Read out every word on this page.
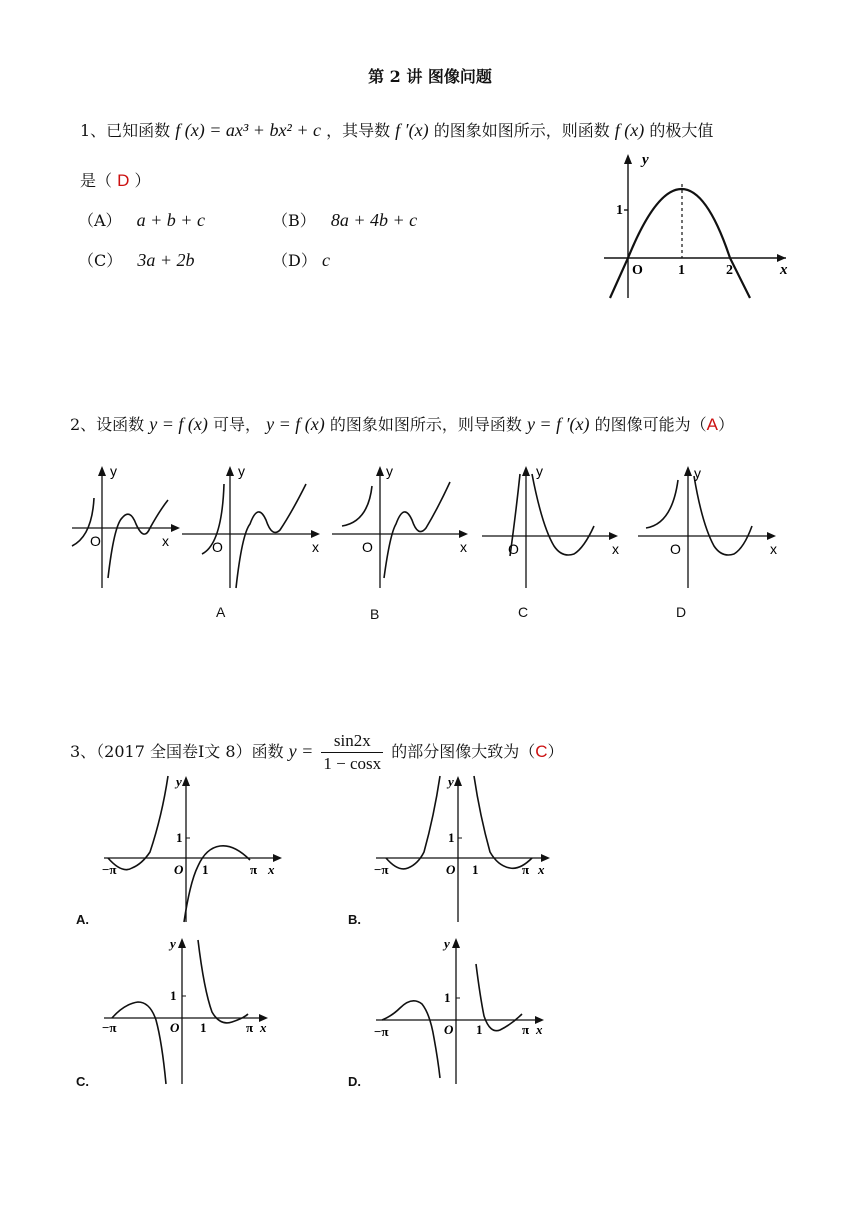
第 2 讲 图像问题
1、已知函数 f (x) = ax³ + bx² + c ，其导数 f ′(x) 的图象如图所示，则函数 f (x) 的极大值
是（ D ）
（A） a + b + c	（B） 8a + 4b + c
（C） 3a + 2b	（D） c
y
x
O	1	2
1
2、设函数 y = f (x) 可导， y = f (x) 的图象如图所示，则导函数 y = f ′(x) 的图像可能为（A）
y
x
O
y
x
O
A
y
x
O
B
y
x
O
C
y
x
O
D
3、（2017 全国卷Ⅰ文 8）函数 $y = \frac{\sin 2x}{1 - \cos x}$ 的部分图像大致为（C）
−π	O 1	π x
y
1
A.
−π	O 1	π x
y
1
B.
−π	O 1	π x
y
1
C.
−π	O 1	π x
y
1
D.
